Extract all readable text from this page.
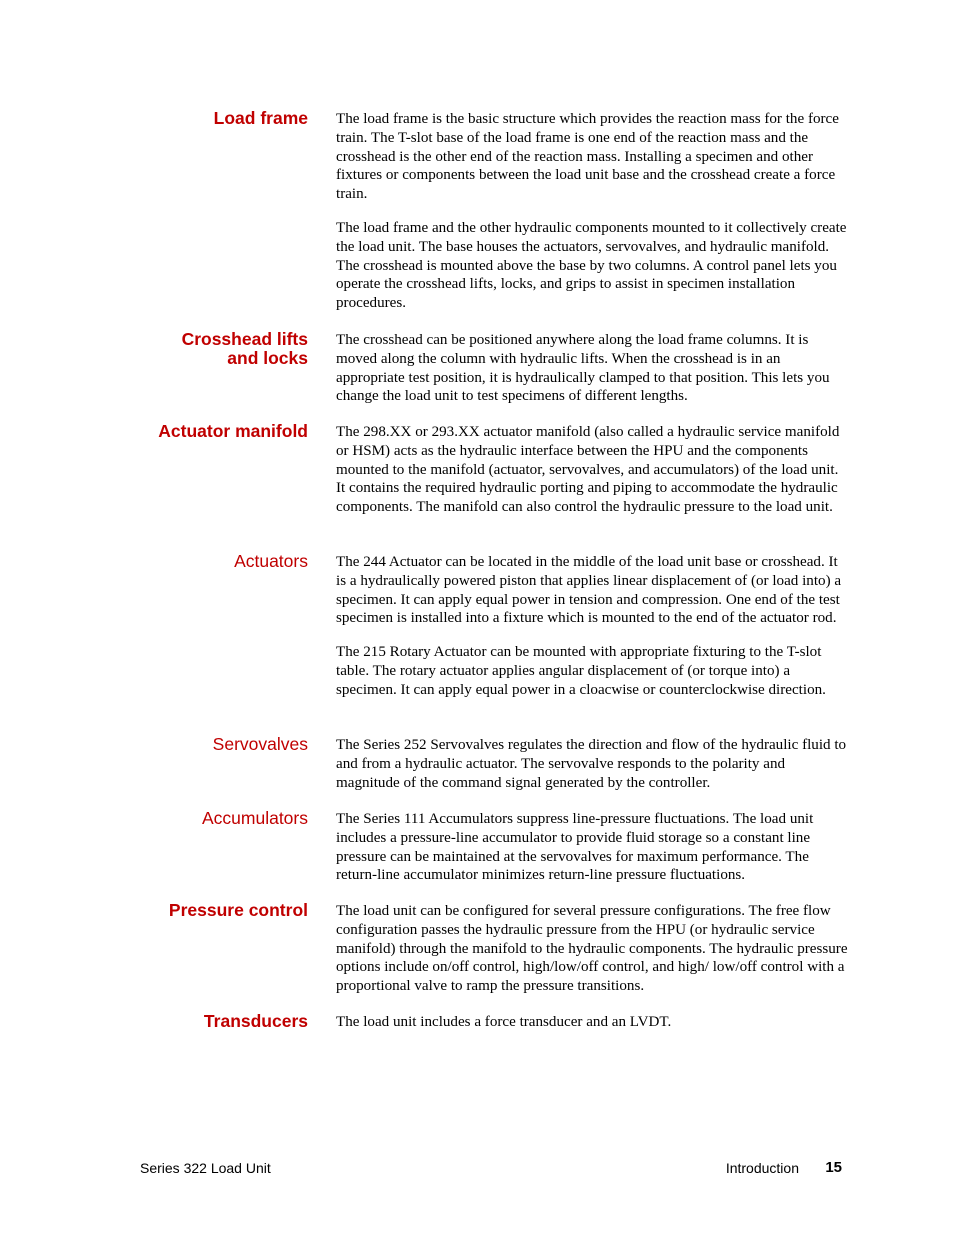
Load frame The load frame is the basic structure which provides the reaction mass for the force train. The T-slot base of the load frame is one end of the reaction mass and the crosshead is the other end of the reaction mass. Installing a specimen and other fixtures or components between the load unit base and the crosshead create a force train.

The load frame and the other hydraulic components mounted to it collectively create the load unit. The base houses the actuators, servovalves, and hydraulic manifold. The crosshead is mounted above the base by two columns. A control panel lets you operate the crosshead lifts, locks, and grips to assist in specimen installation procedures.

Crosshead lifts
and locks

The crosshead can be positioned anywhere along the load frame columns. It is moved along the column with hydraulic lifts. When the crosshead is in an appropriate test position, it is hydraulically clamped to that position. This lets you change the load unit to test specimens of different lengths.

Actuator manifold The 298.XX or 293.XX actuator manifold (also called a hydraulic service manifold or HSM) acts as the hydraulic interface between the HPU and the components mounted to the manifold (actuator, servovalves, and accumulators) of the load unit. It contains the required hydraulic porting and piping to accommodate the hydraulic components. The manifold can also control the hydraulic pressure to the load unit.

Actuators The 244 Actuator can be located in the middle of the load unit base or crosshead. It is a hydraulically powered piston that applies linear displacement of (or load into) a specimen. It can apply equal power in tension and compression. One end of the test specimen is installed into a fixture which is mounted to the end of the actuator rod.

The 215 Rotary Actuator can be mounted with appropriate fixturing to the T-slot table. The rotary actuator applies angular displacement of (or torque into) a specimen. It can apply equal power in a cloacwise or counterclockwise direction.

Servovalves The Series 252 Servovalves regulates the direction and flow of the hydraulic fluid to and from a hydraulic actuator. The servovalve responds to the polarity and magnitude of the command signal generated by the controller.

Accumulators The Series 111 Accumulators suppress line-pressure fluctuations. The load unit includes a pressure-line accumulator to provide fluid storage so a constant line pressure can be maintained at the servovalves for maximum performance. The return-line accumulator minimizes return-line pressure fluctuations.

Pressure control The load unit can be configured for several pressure configurations. The free flow configuration passes the hydraulic pressure from the HPU (or hydraulic service manifold) through the manifold to the hydraulic components. The hydraulic pressure options include on/off control, high/low/off control, and high/ low/off control with a proportional valve to ramp the pressure transitions.

Transducers The load unit includes a force transducer and an LVDT.

Series 322 Load Unit	Introduction 15
